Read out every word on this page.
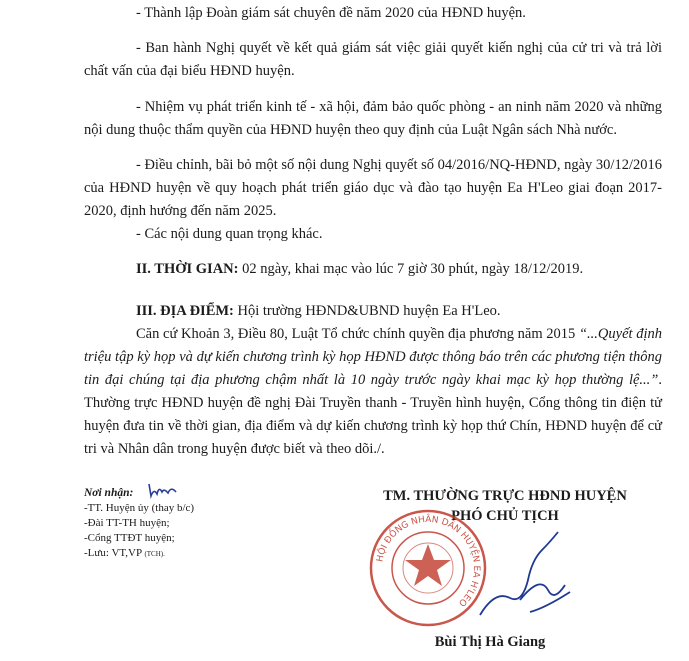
- Thành lập Đoàn giám sát chuyên đề năm 2020 của HĐND huyện.

- Ban hành Nghị quyết về kết quả giám sát việc giải quyết kiến nghị của cử tri và trả lời chất vấn của đại biểu HĐND huyện.

- Nhiệm vụ phát triển kinh tế - xã hội, đảm bảo quốc phòng - an ninh năm 2020 và những nội dung thuộc thẩm quyền của HĐND huyện theo quy định của Luật Ngân sách Nhà nước.

- Điều chỉnh, bãi bỏ một số nội dung Nghị quyết số 04/2016/NQ-HĐND, ngày 30/12/2016 của HĐND huyện về quy hoạch phát triển giáo dục và đào tạo huyện Ea H'Leo giai đoạn 2017-2020, định hướng đến năm 2025.

- Các nội dung quan trọng khác.

II. THỜI GIAN: 02 ngày, khai mạc vào lúc 7 giờ 30 phút, ngày 18/12/2019.

III. ĐỊA ĐIỂM: Hội trường HĐND&UBND huyện Ea H'Leo.

Căn cứ Khoản 3, Điều 80, Luật Tổ chức chính quyền địa phương năm 2015 “...Quyết định triệu tập kỳ họp và dự kiến chương trình kỳ họp HĐND được thông báo trên các phương tiện thông tin đại chúng tại địa phương chậm nhất là 10 ngày trước ngày khai mạc kỳ họp thường lệ...”. Thường trực HĐND huyện đề nghị Đài Truyền thanh - Truyền hình huyện, Cổng thông tin điện tử huyện đưa tin về thời gian, địa điểm và dự kiến chương trình kỳ họp thứ Chín, HĐND huyện để cử tri và Nhân dân trong huyện được biết và theo dõi./.

Nơi nhận:
-TT. Huyện ủy (thay b/c)
-Đài TT-TH huyện;
-Cổng TTĐT huyện;
-Lưu: VT,VP (TCH).
TM. THƯỜNG TRỰC HĐND HUYỆN
PHÓ CHỦ TỊCH
HỘI ĐỒNG NHÂN DÂN HUYỆN EA H'LEO
Bùi Thị Hà Giang
